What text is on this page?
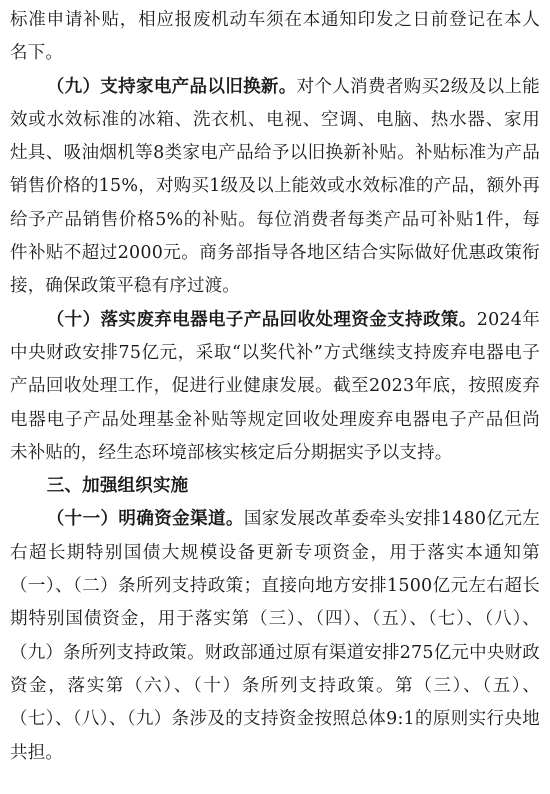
标准申请补贴，相应报废机动车须在本通知印发之日前登记在本人名下。

（九）支持家电产品以旧换新。对个人消费者购买2级及以上能效或水效标准的冰箱、洗衣机、电视、空调、电脑、热水器、家用灶具、吸油烟机等8类家电产品给予以旧换新补贴。补贴标准为产品销售价格的15%，对购买1级及以上能效或水效标准的产品，额外再给予产品销售价格5%的补贴。每位消费者每类产品可补贴1件，每件补贴不超过2000元。商务部指导各地区结合实际做好优惠政策衔接，确保政策平稳有序过渡。

（十）落实废弃电器电子产品回收处理资金支持政策。2024年中央财政安排75亿元，采取“以奖代补”方式继续支持废弃电器电子产品回收处理工作，促进行业健康发展。截至2023年底，按照废弃电器电子产品处理基金补贴等规定回收处理废弃电器电子产品但尚未补贴的，经生态环境部核实核定后分期据实予以支持。

三、加强组织实施

（十一）明确资金渠道。国家发展改革委牵头安排1480亿元左右超长期特别国债大规模设备更新专项资金，用于落实本通知第（一）、（二）条所列支持政策；直接向地方安排1500亿元左右超长期特别国债资金，用于落实第（三）、（四）、（五）、（七）、（八）、（九）条所列支持政策。财政部通过原有渠道安排275亿元中央财政资金，落实第（六）、（十）条所列支持政策。第（三）、（五）、（七）、（八）、（九）条涉及的支持资金按照总体9:1的原则实行央地共担。
